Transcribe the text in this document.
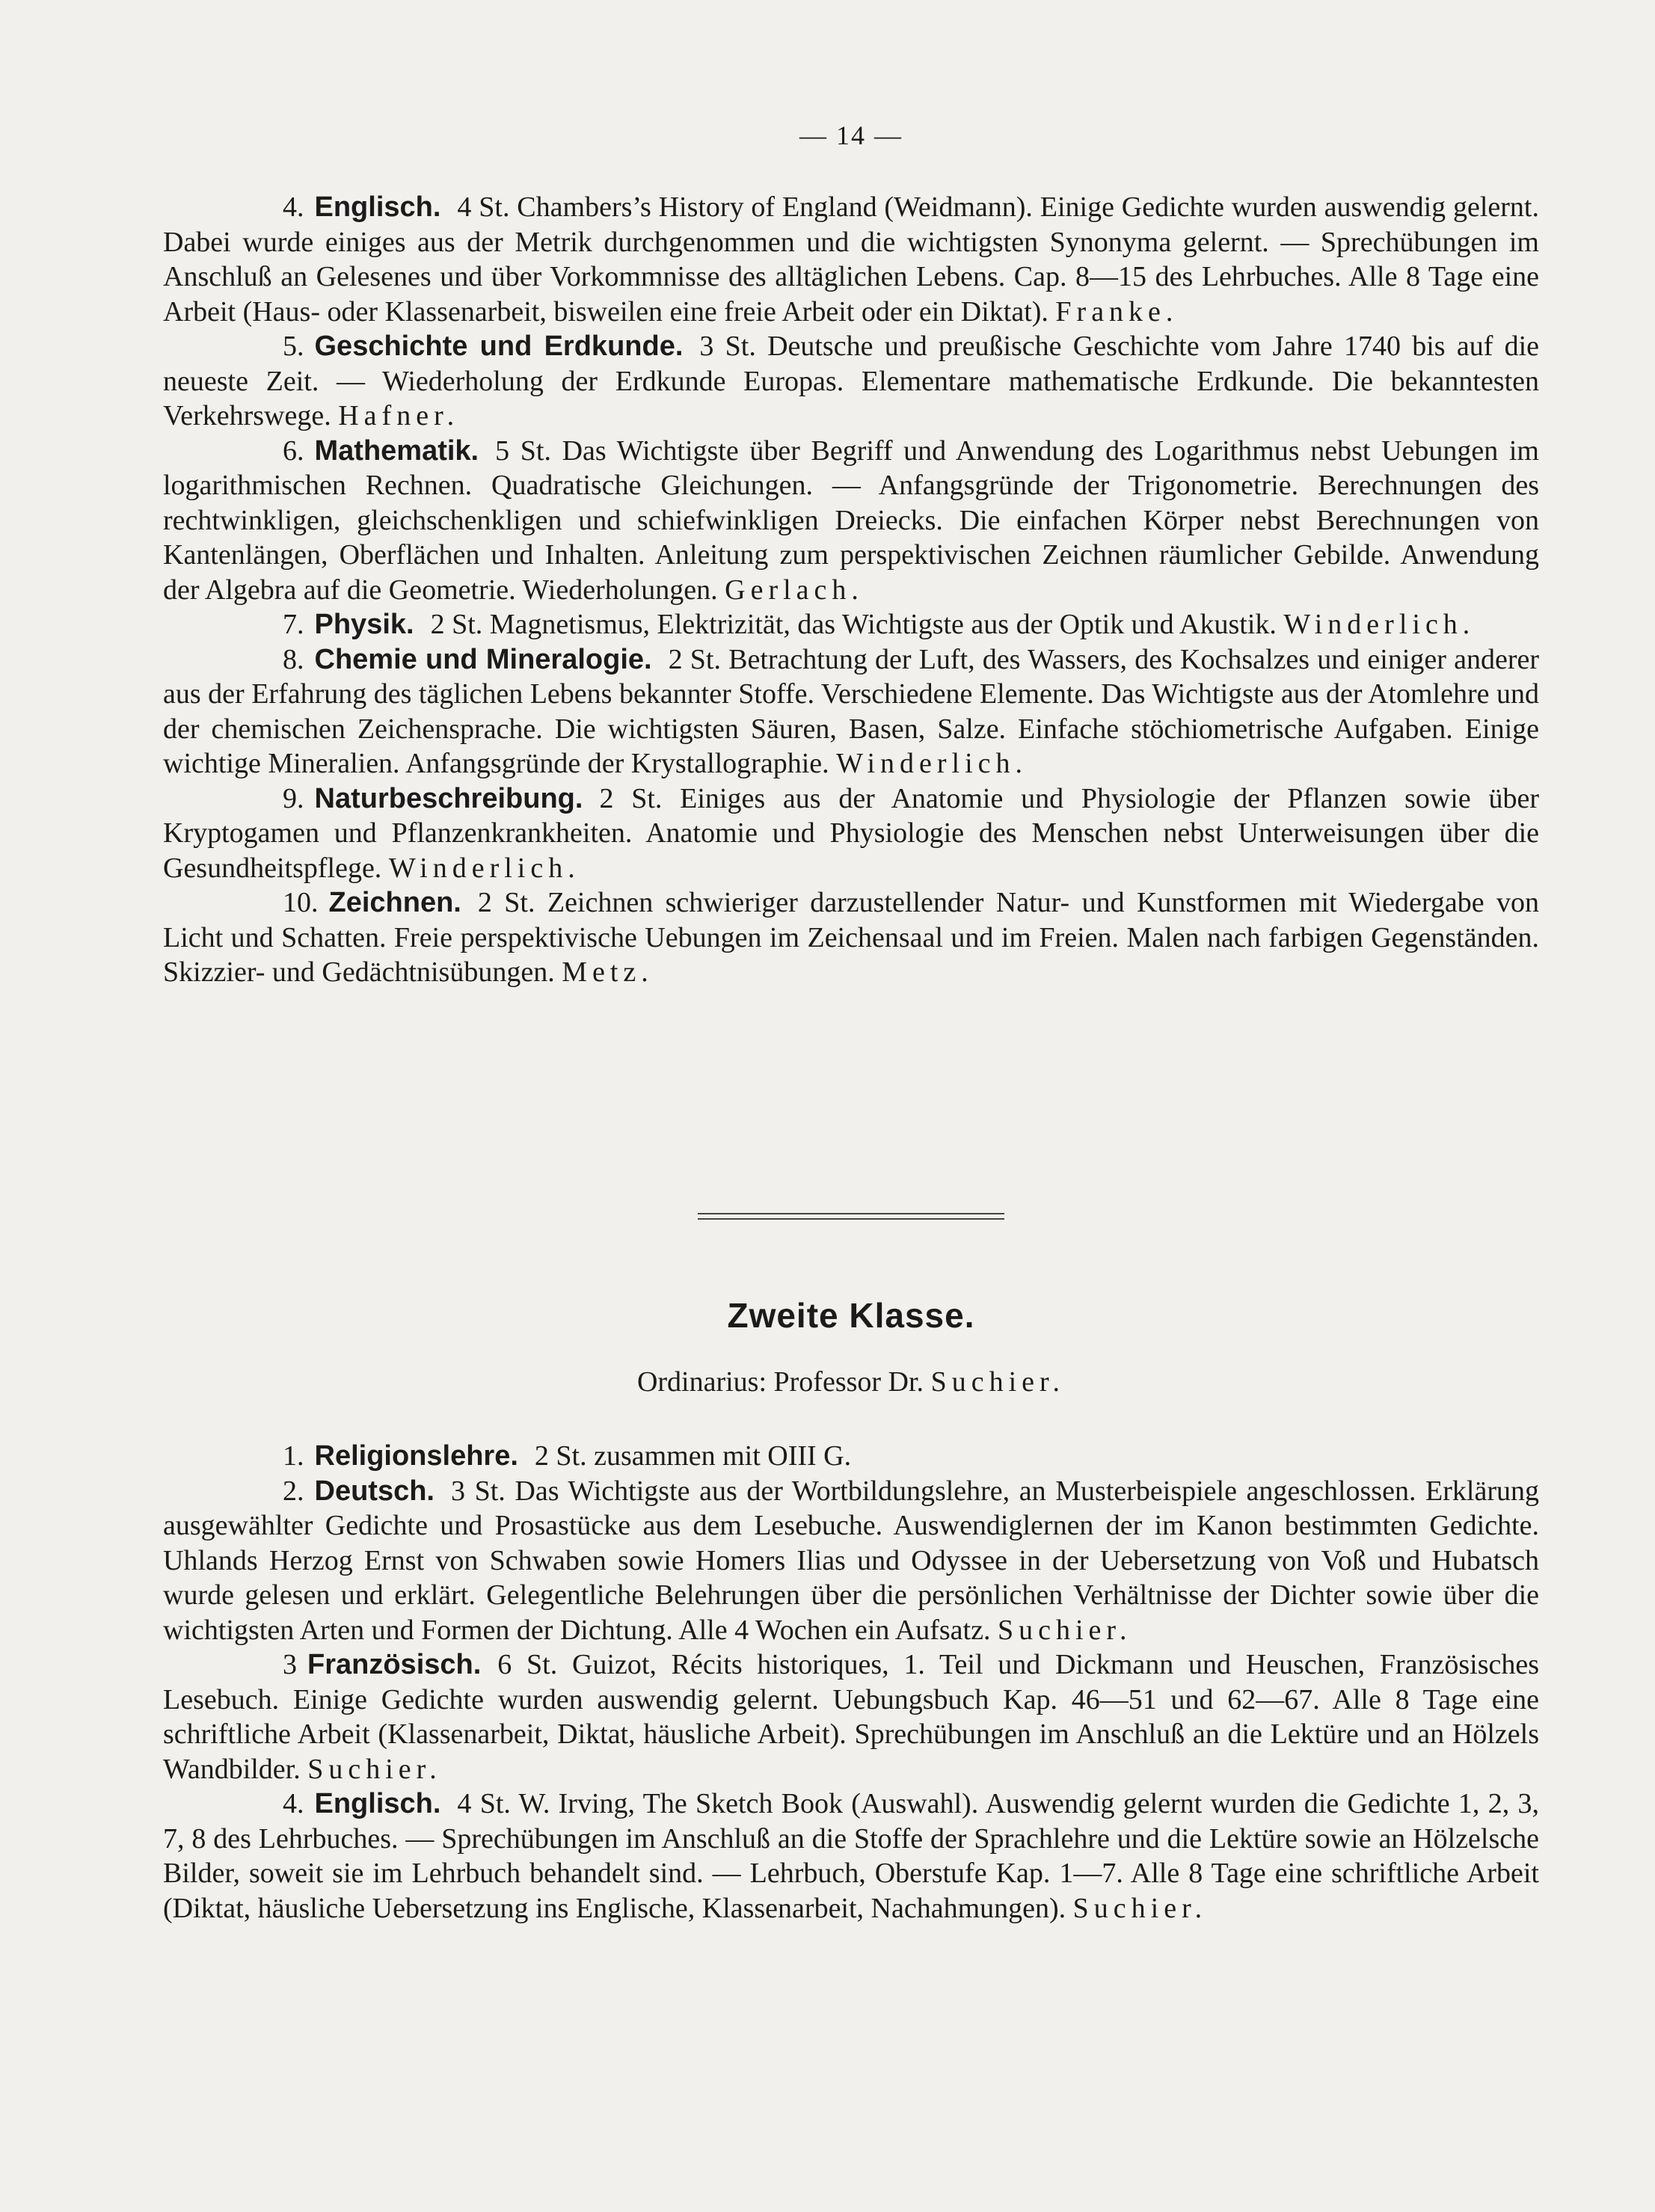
— 14 —

4. Englisch. 4 St. Chambers’s History of England (Weidmann). Einige Gedichte wurden auswendig gelernt. Dabei wurde einiges aus der Metrik durchgenommen und die wichtigsten Synonyma gelernt. — Sprechübungen im Anschluß an Gelesenes und über Vorkommnisse des alltäglichen Lebens. Cap. 8—15 des Lehrbuches. Alle 8 Tage eine Arbeit (Haus- oder Klassenarbeit, bisweilen eine freie Arbeit oder ein Diktat). Franke.

5. Geschichte und Erdkunde. 3 St. Deutsche und preußische Geschichte vom Jahre 1740 bis auf die neueste Zeit. — Wiederholung der Erdkunde Europas. Elementare mathematische Erdkunde. Die bekanntesten Verkehrswege. Hafner.

6. Mathematik. 5 St. Das Wichtigste über Begriff und Anwendung des Logarithmus nebst Uebungen im logarithmischen Rechnen. Quadratische Gleichungen. — Anfangsgründe der Trigonometrie. Berechnungen des rechtwinkligen, gleichschenkligen und schiefwinkligen Dreiecks. Die einfachen Körper nebst Berechnungen von Kantenlängen, Oberflächen und Inhalten. Anleitung zum perspektivischen Zeichnen räumlicher Gebilde. Anwendung der Algebra auf die Geometrie. Wiederholungen. Gerlach.

7. Physik. 2 St. Magnetismus, Elektrizität, das Wichtigste aus der Optik und Akustik. Winderlich.

8. Chemie und Mineralogie. 2 St. Betrachtung der Luft, des Wassers, des Kochsalzes und einiger anderer aus der Erfahrung des täglichen Lebens bekannter Stoffe. Verschiedene Elemente. Das Wichtigste aus der Atomlehre und der chemischen Zeichensprache. Die wichtigsten Säuren, Basen, Salze. Einfache stöchiometrische Aufgaben. Einige wichtige Mineralien. Anfangsgründe der Krystallographie. Winderlich.

9. Naturbeschreibung. 2 St. Einiges aus der Anatomie und Physiologie der Pflanzen sowie über Kryptogamen und Pflanzenkrankheiten. Anatomie und Physiologie des Menschen nebst Unterweisungen über die Gesundheitspflege. Winderlich.

10. Zeichnen. 2 St. Zeichnen schwieriger darzustellender Natur- und Kunstformen mit Wiedergabe von Licht und Schatten. Freie perspektivische Uebungen im Zeichensaal und im Freien. Malen nach farbigen Gegenständen. Skizzier- und Gedächtnisübungen. Metz.

Zweite Klasse.
Ordinarius: Professor Dr. Suchier.

1. Religionslehre. 2 St. zusammen mit OIII G.

2. Deutsch. 3 St. Das Wichtigste aus der Wortbildungslehre, an Musterbeispiele angeschlossen. Erklärung ausgewählter Gedichte und Prosastücke aus dem Lesebuche. Auswendiglernen der im Kanon bestimmten Gedichte. Uhlands Herzog Ernst von Schwaben sowie Homers Ilias und Odyssee in der Uebersetzung von Voß und Hubatsch wurde gelesen und erklärt. Gelegentliche Belehrungen über die persönlichen Verhältnisse der Dichter sowie über die wichtigsten Arten und Formen der Dichtung. Alle 4 Wochen ein Aufsatz. Suchier.

3 Französisch. 6 St. Guizot, Récits historiques, 1. Teil und Dickmann und Heuschen, Französisches Lesebuch. Einige Gedichte wurden auswendig gelernt. Uebungsbuch Kap. 46—51 und 62—67. Alle 8 Tage eine schriftliche Arbeit (Klassenarbeit, Diktat, häusliche Arbeit). Sprechübungen im Anschluß an die Lektüre und an Hölzels Wandbilder. Suchier.

4. Englisch. 4 St. W. Irving, The Sketch Book (Auswahl). Auswendig gelernt wurden die Gedichte 1, 2, 3, 7, 8 des Lehrbuches. — Sprechübungen im Anschluß an die Stoffe der Sprachlehre und die Lektüre sowie an Hölzelsche Bilder, soweit sie im Lehrbuch behandelt sind. — Lehrbuch, Oberstufe Kap. 1—7. Alle 8 Tage eine schriftliche Arbeit (Diktat, häusliche Uebersetzung ins Englische, Klassenarbeit, Nachahmungen). Suchier.
